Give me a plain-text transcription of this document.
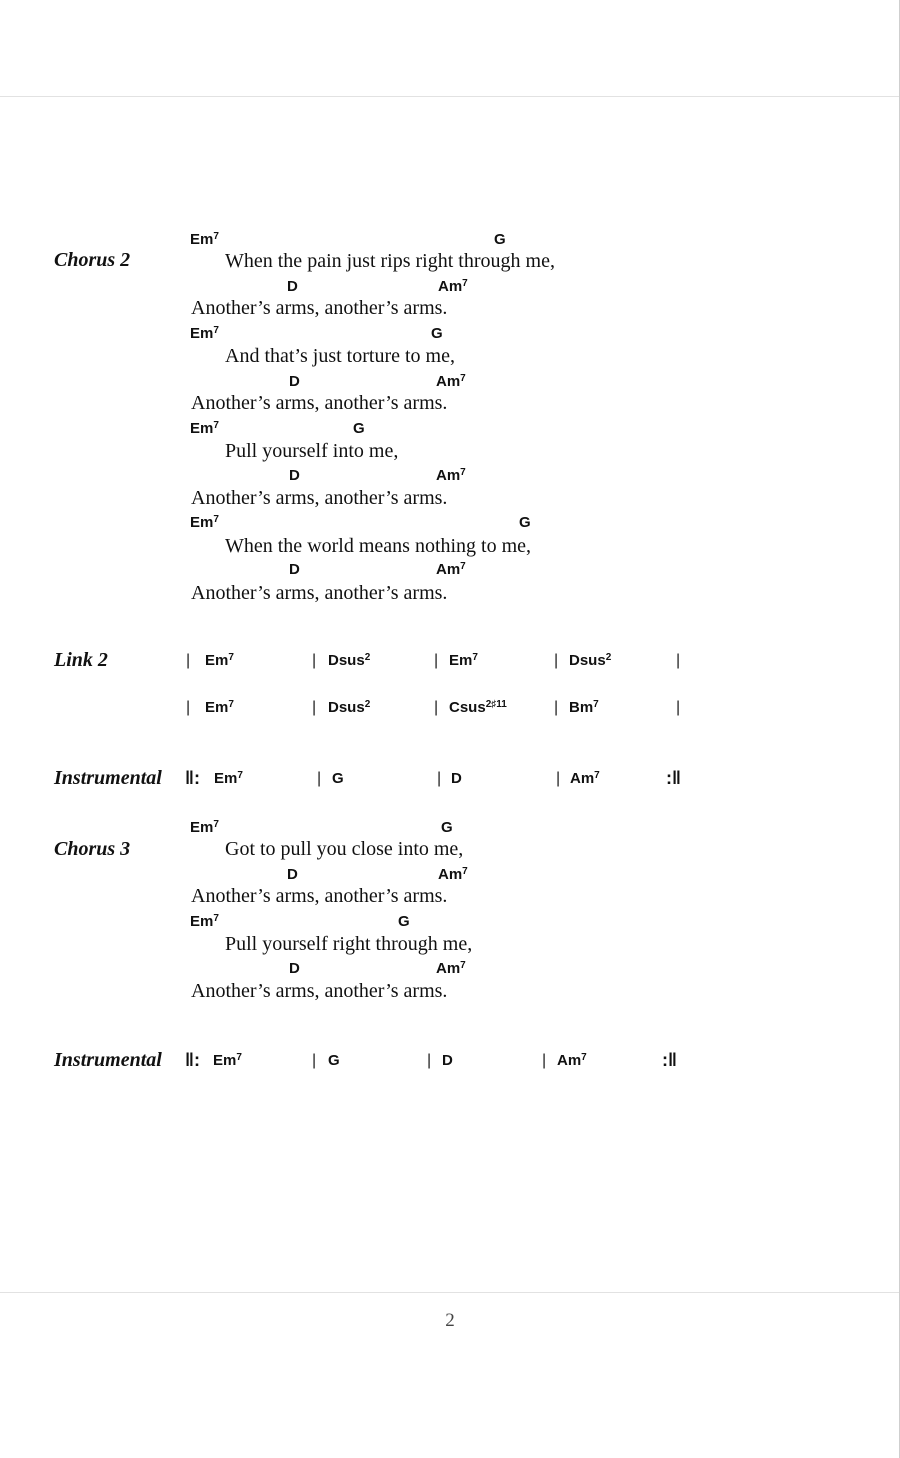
Chorus 2
Em$^7$	G
When the pain just rips right through me,
D	Am$^7$
Another’s arms, another’s arms.
Em$^7$	G
And that’s just torture to me,
D	Am$^7$
Another’s arms, another’s arms.
Em$^7$	G
Pull yourself into me,
D	Am$^7$
Another’s arms, another’s arms.
Em$^7$	G
When the world means nothing to me,
D	Am$^7$
Another’s arms, another’s arms.
Link 2	| Em$^7$	| Dsus$^2$	| Em$^7$	| Dsus$^2$	|
| Em$^7$	| Dsus$^2$	| Csus$^{2♯11}$	| Bm$^7$	|
Instrumental ‖: Em$^7$	| G	| D	| Am$^7$	:‖
Chorus 3
Em$^7$	G
Got to pull you close into me,
D	Am$^7$
Another’s arms, another’s arms.
Em$^7$	G
Pull yourself right through me,
D	Am$^7$
Another’s arms, another’s arms.
Instrumental ‖: Em$^7$	| G	| D	| Am$^7$	:‖
2
